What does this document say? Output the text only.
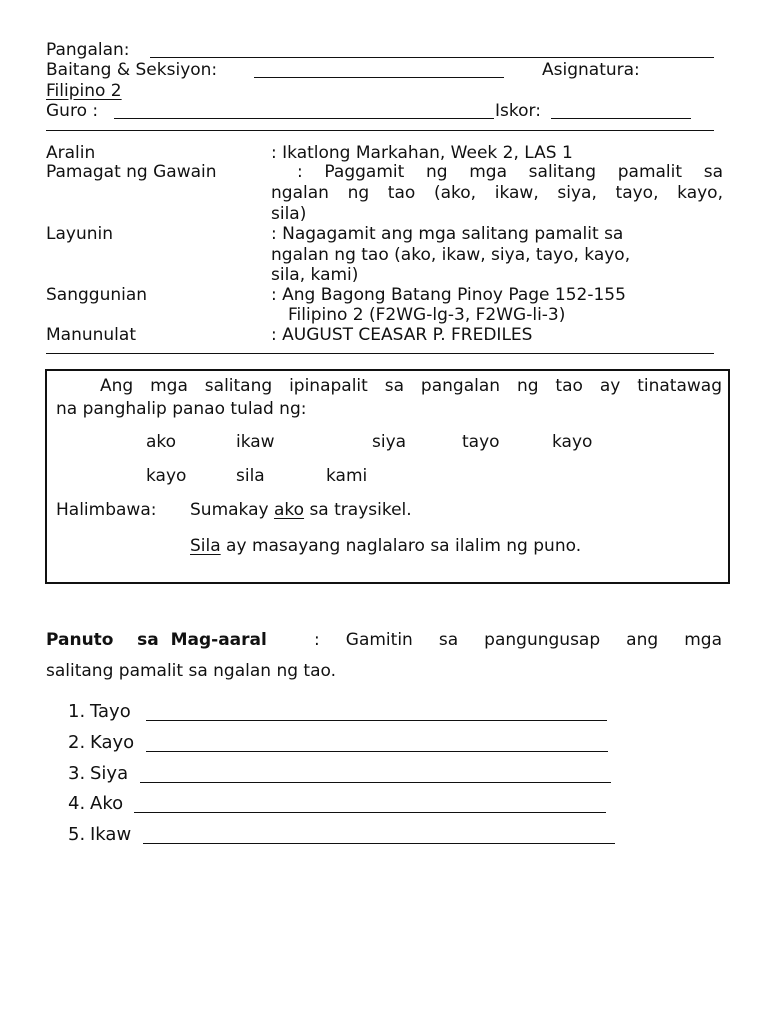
Pangalan:
Baitang & Seksiyon:	Asignatura:
Filipino 2
Guro :	Iskor:
Aralin	: Ikatlong Markahan, Week 2, LAS 1
Pamagat ng Gawain	: Paggamit ng mga salitang pamalit sa
ngalan ng tao (ako, ikaw, siya, tayo, kayo,
sila)
Layunin	: Nagagamit ang mga salitang pamalit sa
ngalan ng tao (ako, ikaw, siya, tayo, kayo,
sila, kami)
Sanggunian	: Ang Bagong Batang Pinoy Page 152-155
Filipino 2 (F2WG-lg-3, F2WG-li-3)
Manunulat	: AUGUST CEASAR P. FREDILES
Ang mga salitang ipinapalit sa pangalan ng tao ay tinatawag
na panghalip panao tulad ng:
ako	ikaw	siya	tayo	kayo
kayo	sila	kami
Halimbawa: Sumakay ako sa traysikel.
Sila ay masayang naglalaro sa ilalim ng puno.
Panuto    sa  Mag-aaral	:  Gamitin  sa  pangungusap  ang  mga
salitang pamalit sa ngalan ng tao.
1. Tayo
2. Kayo
3. Siya
4. Ako
5. Ikaw
